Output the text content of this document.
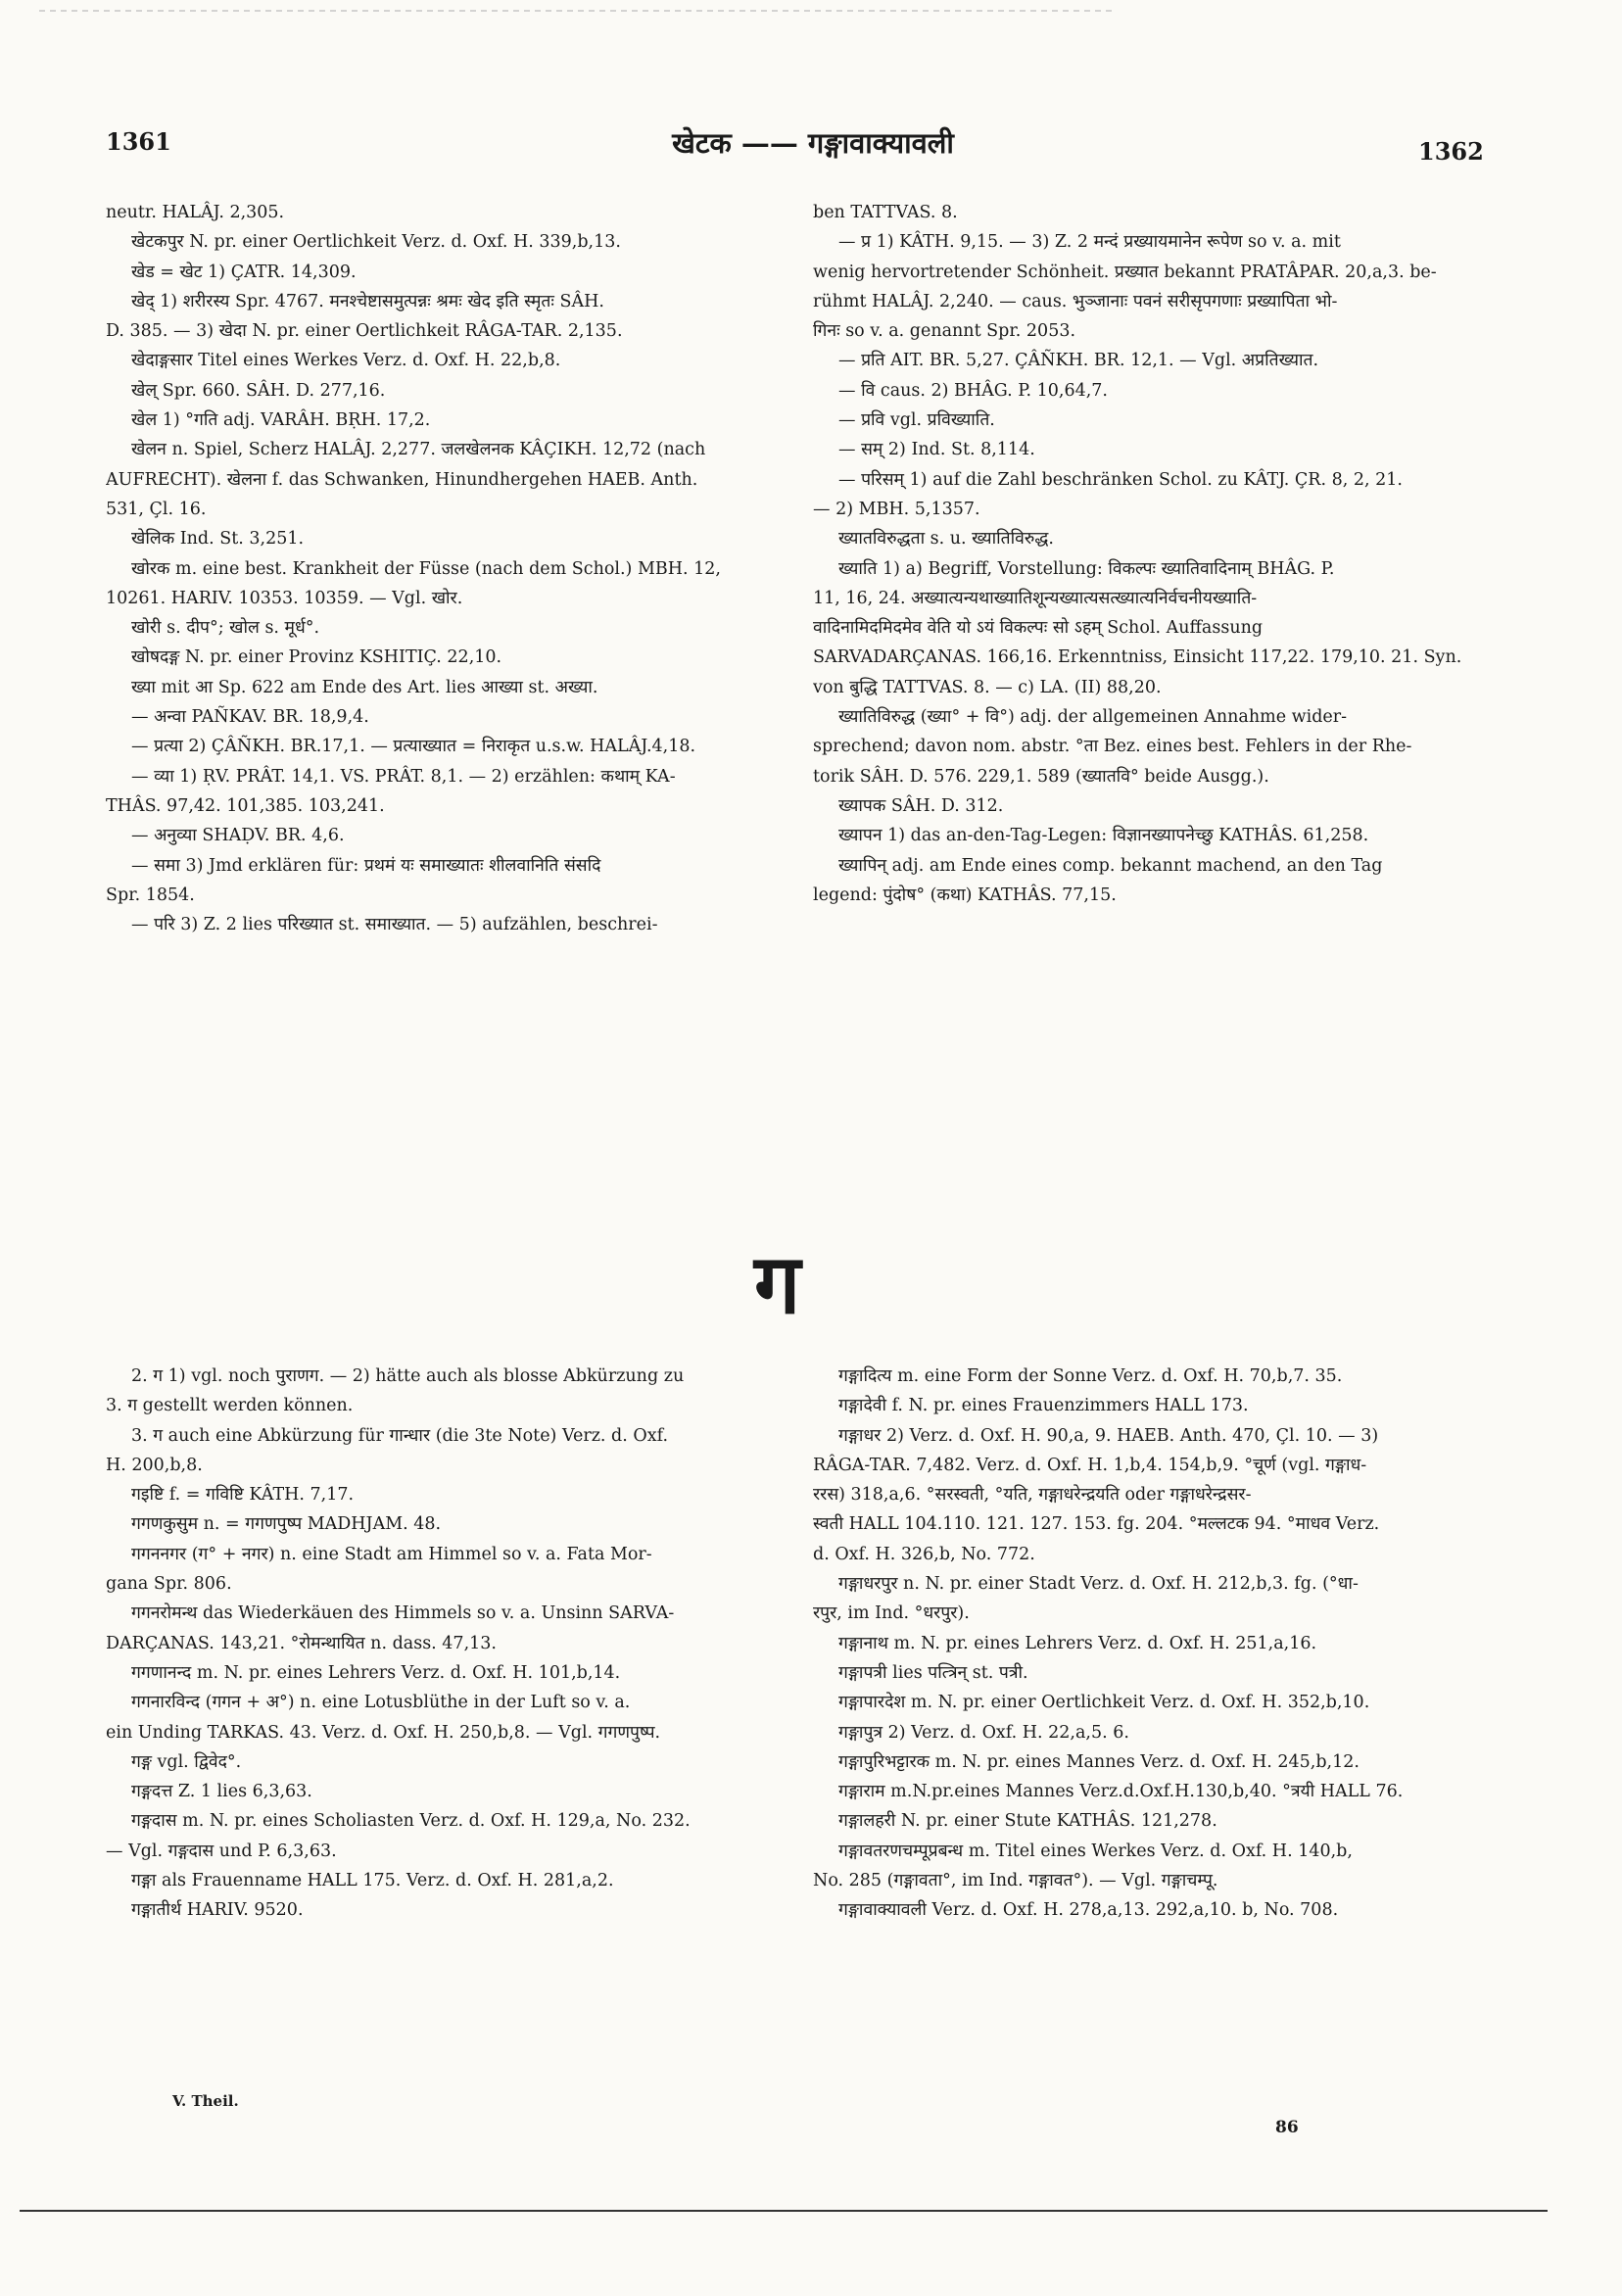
1361	खेटक —— गङ्गावाक्यावली	1362

neutr. HALÂJ. 2,305.

खेटकपुर N. pr. einer Oertlichkeit Verz. d. Oxf. H. 339,b,13.

खेड = खेट 1) ÇATR. 14,309.

खेद् 1) शरीरस्य Spr. 4767. मनश्चेष्टासमुत्पन्नः श्रमः खेद इति स्मृतः SÂH.

D. 385. — 3) खेदा N. pr. einer Oertlichkeit RÂGA-TAR. 2,135.

खेदाङ्गसार Titel eines Werkes Verz. d. Oxf. H. 22,b,8.

खेल् Spr. 660. SÂH. D. 277,16.

खेल 1) °गति adj. VARÂH. BṚH. 17,2.

खेलन n. Spiel, Scherz HALÂJ. 2,277. जलखेलनक KÂÇIKH. 12,72 (nach

AUFRECHT). खेलना f. das Schwanken, Hinundhergehen HAEB. Anth.

531, Çl. 16.

खेलिक Ind. St. 3,251.

खोरक m. eine best. Krankheit der Füsse (nach dem Schol.) MBH. 12,

10261. HARIV. 10353. 10359. — Vgl. खोर.

खोरी s. दीप°; खोल s. मूर्ध°.

खोषदङ्ग N. pr. einer Provinz KSHITIÇ. 22,10.

ख्या mit आ Sp. 622 am Ende des Art. lies आख्या st. अख्या.

— अन्वा PAÑKAV. BR. 18,9,4.

— प्रत्या 2) ÇÂÑKH. BR.17,1. — प्रत्याख्यात = निराकृत u.s.w. HALÂJ.4,18.

— व्या 1) ṚV. PRÂT. 14,1. VS. PRÂT. 8,1. — 2) erzählen: कथाम् KA-

THÂS. 97,42. 101,385. 103,241.

— अनुव्या SHAḌV. BR. 4,6.

— समा 3) Jmd erklären für: प्रथमं यः समाख्यातः शीलवानिति संसदि

Spr. 1854.

— परि 3) Z. 2 lies परिख्यात st. समाख्यात. — 5) aufzählen, beschrei-

ben TATTVAS. 8.

— प्र 1) KÂTH. 9,15. — 3) Z. 2 मन्दं प्रख्यायमानेन रूपेण so v. a. mit

wenig hervortretender Schönheit. प्रख्यात bekannt PRATÂPAR. 20,a,3. be-

rühmt HALÂJ. 2,240. — caus. भुञ्जानाः पवनं सरीसृपगणाः प्रख्यापिता भो-

गिनः so v. a. genannt Spr. 2053.

— प्रति AIT. BR. 5,27. ÇÂÑKH. BR. 12,1. — Vgl. अप्रतिख्यात.

— वि caus. 2) BHÂG. P. 10,64,7.

— प्रवि vgl. प्रविख्याति.

— सम् 2) Ind. St. 8,114.

— परिसम् 1) auf die Zahl beschränken Schol. zu KÂTJ. ÇR. 8, 2, 21.

— 2) MBH. 5,1357.

ख्यातविरुद्धता s. u. ख्यातिविरुद्ध.

ख्याति 1) a) Begriff, Vorstellung: विकल्पः ख्यातिवादिनाम् BHÂG. P.

11, 16, 24. अख्यात्यन्यथाख्यातिशून्यख्यात्यसत्ख्यात्यनिर्वचनीयख्याति-

वादिनामिदमिदमेव वेति यो ऽयं विकल्पः सो ऽहम् Schol. Auffassung

SARVADARÇANAS. 166,16. Erkenntniss, Einsicht 117,22. 179,10. 21. Syn.

von बुद्धि TATTVAS. 8. — c) LA. (II) 88,20.

ख्यातिविरुद्ध (ख्या° + वि°) adj. der allgemeinen Annahme wider-

sprechend; davon nom. abstr. °ता Bez. eines best. Fehlers in der Rhe-

torik SÂH. D. 576. 229,1. 589 (ख्यातवि° beide Ausgg.).

ख्यापक SÂH. D. 312.

ख्यापन 1) das an-den-Tag-Legen: विज्ञानख्यापनेच्छु KATHÂS. 61,258.

ख्यापिन् adj. am Ende eines comp. bekannt machend, an den Tag

legend: पुंदोष° (कथा) KATHÂS. 77,15.

ग

2. ग 1) vgl. noch पुराणग. — 2) hätte auch als blosse Abkürzung zu

3. ग gestellt werden können.

3. ग auch eine Abkürzung für गान्धार (die 3te Note) Verz. d. Oxf.

H. 200,b,8.

गइष्टि f. = गविष्टि KÂTH. 7,17.

गगणकुसुम n. = गगणपुष्प MADHJAM. 48.

गगननगर (ग° + नगर) n. eine Stadt am Himmel so v. a. Fata Mor-

gana Spr. 806.

गगनरोमन्थ das Wiederkäuen des Himmels so v. a. Unsinn SARVA-

DARÇANAS. 143,21. °रोमन्थायित n. dass. 47,13.

गगणानन्द m. N. pr. eines Lehrers Verz. d. Oxf. H. 101,b,14.

गगनारविन्द (गगन + अ°) n. eine Lotusblüthe in der Luft so v. a.

ein Unding TARKAS. 43. Verz. d. Oxf. H. 250,b,8. — Vgl. गगणपुष्प.

गङ्ग vgl. द्विवेद°.

गङ्गदत्त Z. 1 lies 6,3,63.

गङ्गदास m. N. pr. eines Scholiasten Verz. d. Oxf. H. 129,a, No. 232.

— Vgl. गङ्गदास und P. 6,3,63.

गङ्गा als Frauenname HALL 175. Verz. d. Oxf. H. 281,a,2.

गङ्गातीर्थ HARIV. 9520.

गङ्गादित्य m. eine Form der Sonne Verz. d. Oxf. H. 70,b,7. 35.

गङ्गादेवी f. N. pr. eines Frauenzimmers HALL 173.

गङ्गाधर 2) Verz. d. Oxf. H. 90,a, 9. HAEB. Anth. 470, Çl. 10. — 3)

RÂGA-TAR. 7,482. Verz. d. Oxf. H. 1,b,4. 154,b,9. °चूर्ण (vgl. गङ्गाध-

ररस) 318,a,6. °सरस्वती, °यति, गङ्गाधरेन्द्रयति oder गङ्गाधरेन्द्रसर-

स्वती HALL 104.110. 121. 127. 153. fg. 204. °मल्लटक 94. °माधव Verz.

d. Oxf. H. 326,b, No. 772.

गङ्गाधरपुर n. N. pr. einer Stadt Verz. d. Oxf. H. 212,b,3. fg. (°धा-

रपुर, im Ind. °धरपुर).

गङ्गानाथ m. N. pr. eines Lehrers Verz. d. Oxf. H. 251,a,16.

गङ्गापत्री lies पत्त्रिन् st. पत्री.

गङ्गापारदेश m. N. pr. einer Oertlichkeit Verz. d. Oxf. H. 352,b,10.

गङ्गापुत्र 2) Verz. d. Oxf. H. 22,a,5. 6.

गङ्गापुरिभट्टारक m. N. pr. eines Mannes Verz. d. Oxf. H. 245,b,12.

गङ्गाराम m.N.pr.eines Mannes Verz.d.Oxf.H.130,b,40. °त्रयी HALL 76.

गङ्गालहरी N. pr. einer Stute KATHÂS. 121,278.

गङ्गावतरणचम्पूप्रबन्ध m. Titel eines Werkes Verz. d. Oxf. H. 140,b,

No. 285 (गङ्गावता°, im Ind. गङ्गावत°). — Vgl. गङ्गाचम्पू.

गङ्गावाक्यावली Verz. d. Oxf. H. 278,a,13. 292,a,10. b, No. 708.

V. Theil.
86
